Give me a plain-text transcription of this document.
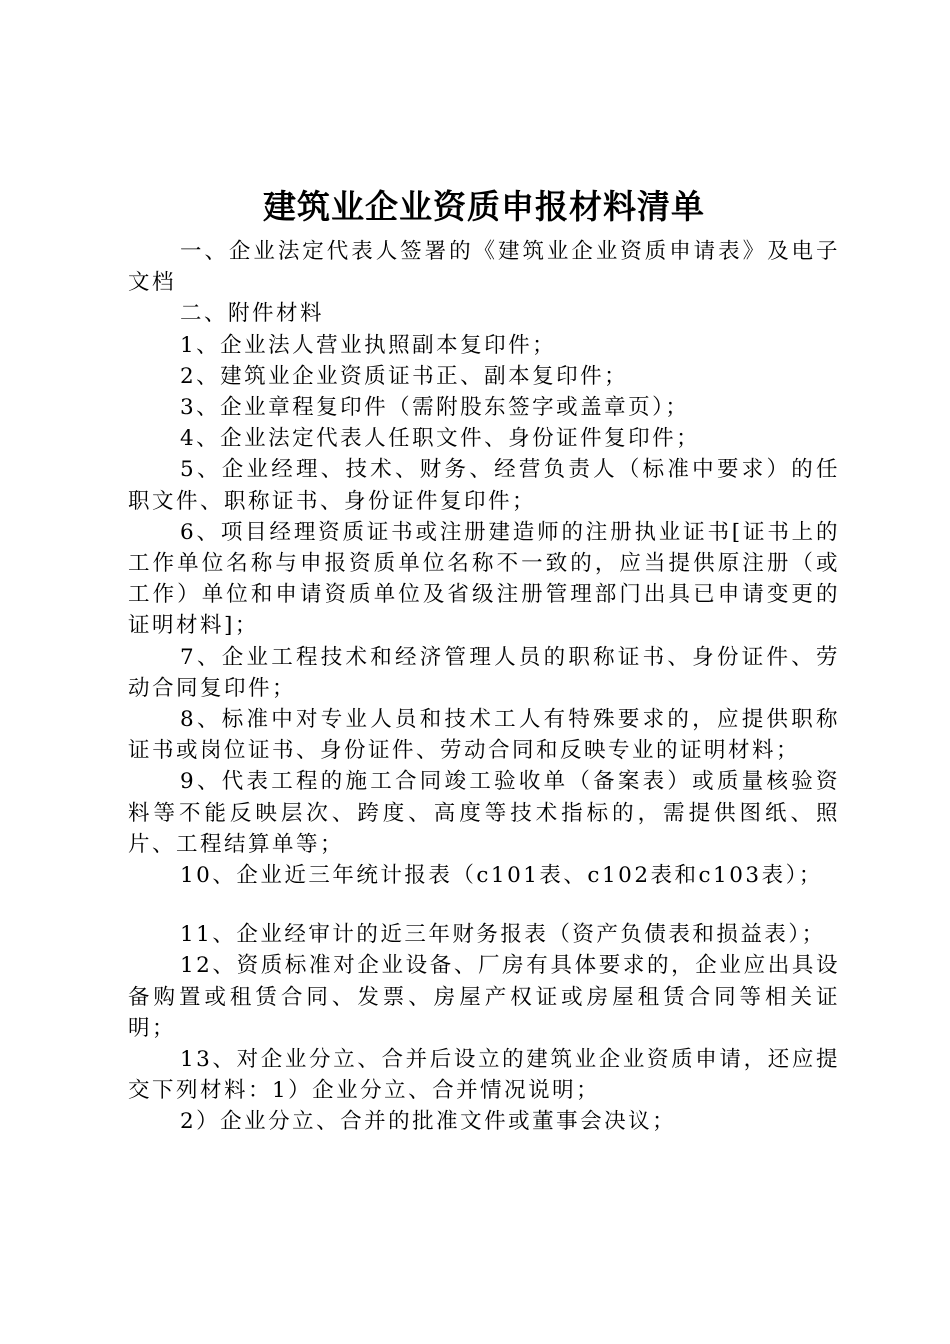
建筑业企业资质申报材料清单

一、企业法定代表人签署的《建筑业企业资质申请表》及电子文档

二、附件材料

1、企业法人营业执照副本复印件；

2、建筑业企业资质证书正、副本复印件；

3、企业章程复印件（需附股东签字或盖章页）；

4、企业法定代表人任职文件、身份证件复印件；

5、企业经理、技术、财务、经营负责人（标准中要求）的任职文件、职称证书、身份证件复印件；

6、项目经理资质证书或注册建造师的注册执业证书[证书上的工作单位名称与申报资质单位名称不一致的，应当提供原注册（或工作）单位和申请资质单位及省级注册管理部门出具已申请变更的证明材料]；

7、企业工程技术和经济管理人员的职称证书、身份证件、劳动合同复印件；

8、标准中对专业人员和技术工人有特殊要求的，应提供职称证书或岗位证书、身份证件、劳动合同和反映专业的证明材料；

9、代表工程的施工合同竣工验收单（备案表）或质量核验资料等不能反映层次、跨度、高度等技术指标的，需提供图纸、照片、工程结算单等；

10、企业近三年统计报表（c101表、c102表和c103表）；

11、企业经审计的近三年财务报表（资产负债表和损益表）；

12、资质标准对企业设备、厂房有具体要求的，企业应出具设备购置或租赁合同、发票、房屋产权证或房屋租赁合同等相关证明；

13、对企业分立、合并后设立的建筑业企业资质申请，还应提交下列材料：1）企业分立、合并情况说明；

2）企业分立、合并的批准文件或董事会决议；
